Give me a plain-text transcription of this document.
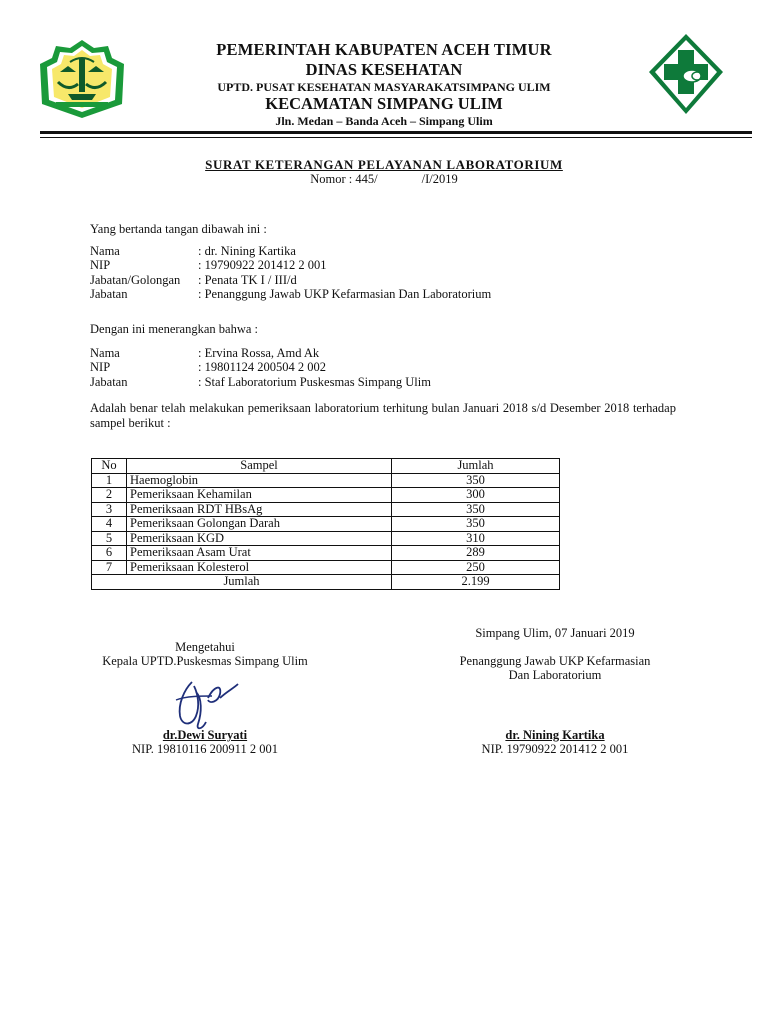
PEMERINTAH KABUPATEN ACEH TIMUR
DINAS KESEHATAN
UPTD. PUSAT KESEHATAN MASYARAKATSIMPANG ULIM
KECAMATAN SIMPANG ULIM
Jln. Medan – Banda Aceh – Simpang Ulim
SURAT KETERANGAN PELAYANAN LABORATORIUM
Nomor : 445/	/I/2019
Yang bertanda tangan dibawah ini :
Nama	: dr. Nining Kartika
NIP	: 19790922 201412 2 001
Jabatan/Golongan	: Penata TK I / III/d
Jabatan	: Penanggung Jawab UKP Kefarmasian Dan Laboratorium
Dengan ini menerangkan bahwa :
Nama	: Ervina Rossa, Amd Ak
NIP	: 19801124 200504 2 002
Jabatan	: Staf Laboratorium Puskesmas Simpang Ulim
Adalah benar telah melakukan pemeriksaan laboratorium terhitung bulan Januari 2018 s/d Desember 2018 terhadap sampel berikut :
No	Sampel	Jumlah
1	Haemoglobin	350
2	Pemeriksaan Kehamilan	300
3	Pemeriksaan RDT HBsAg	350
4	Pemeriksaan Golongan Darah	350
5	Pemeriksaan KGD	310
6	Pemeriksaan Asam Urat	289
7	Pemeriksaan Kolesterol	250
Jumlah		2.199
Simpang Ulim, 07 Januari 2019
Mengetahui
Kepala UPTD.Puskesmas Simpang Ulim
dr.Dewi Suryati
NIP. 19810116 200911 2 001
Penanggung Jawab UKP Kefarmasian
Dan Laboratorium
dr. Nining Kartika
NIP. 19790922 201412 2 001
